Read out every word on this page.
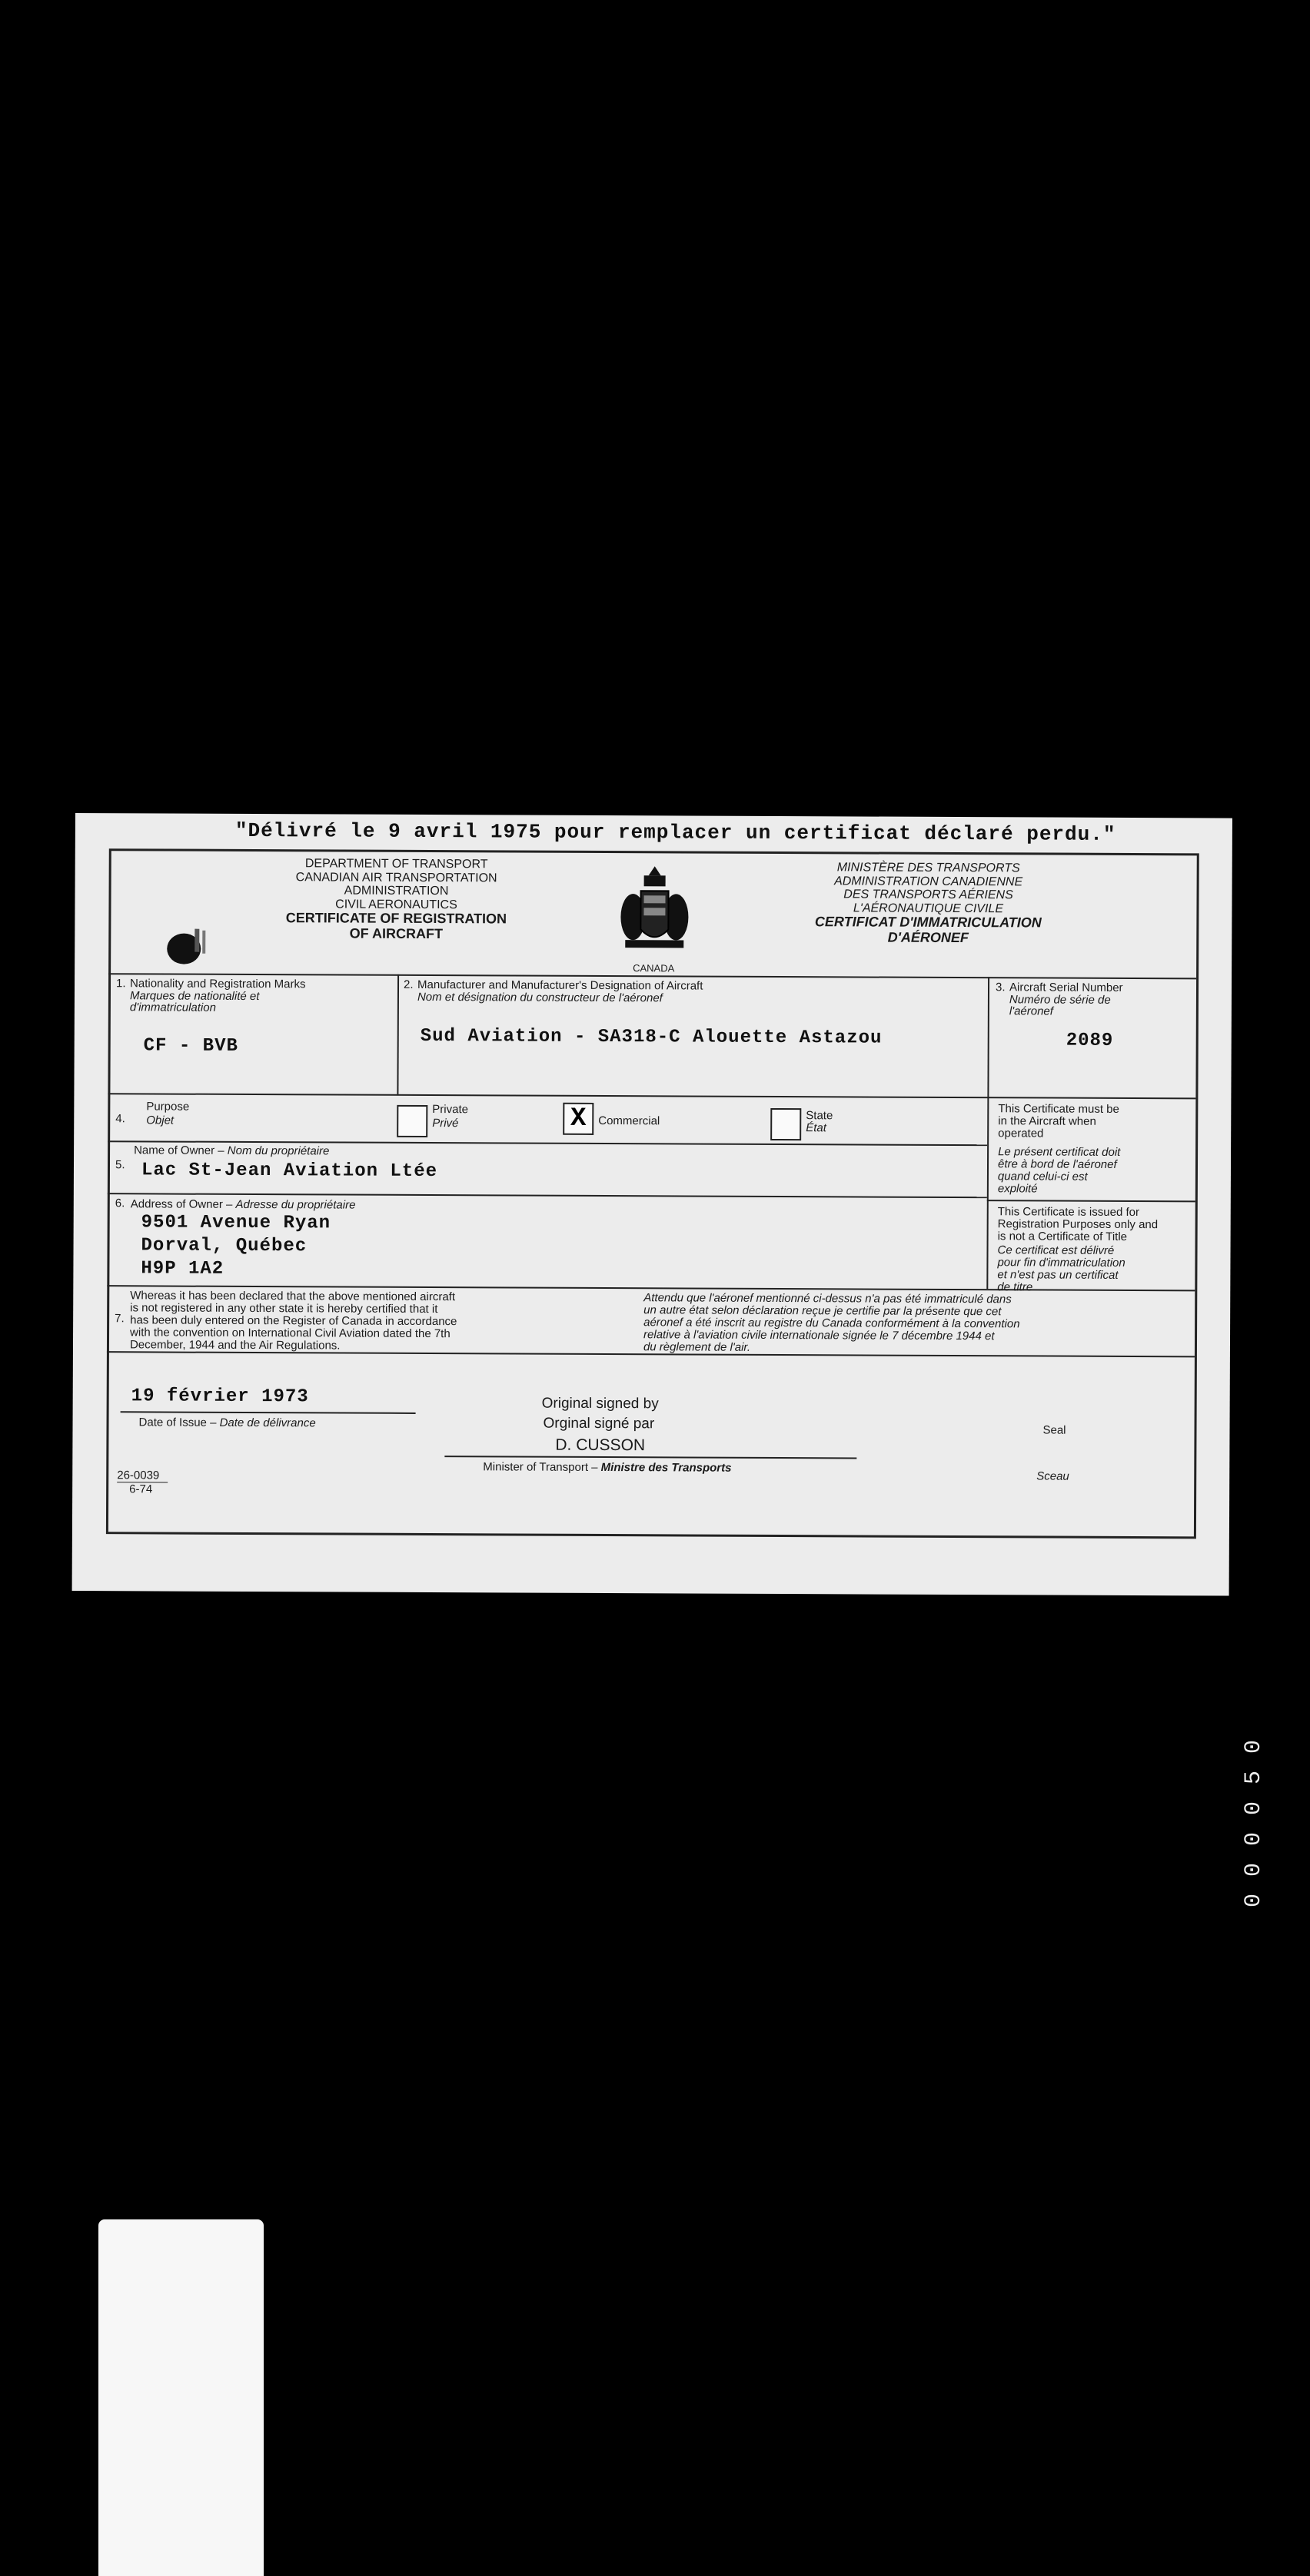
"Délivré le 9 avril 1975 pour remplacer un certificat déclaré perdu."
DEPARTMENT OF TRANSPORT
CANADIAN AIR TRANSPORTATION
ADMINISTRATION
CIVIL AERONAUTICS
CERTIFICATE OF REGISTRATION
OF AIRCRAFT
CANADA
MINISTÈRE DES TRANSPORTS
ADMINISTRATION CANADIENNE
DES TRANSPORTS AÉRIENS
L'AÉRONAUTIQUE CIVILE
CERTIFICAT D'IMMATRICULATION
D'AÉRONEF
1. Nationality and Registration Marks
Marques de nationalité et
d'immatriculation
CF - BVB
2. Manufacturer and Manufacturer's Designation of Aircraft
Nom et désignation du constructeur de l'aéronef
Sud Aviation - SA318-C Alouette Astazou
3. Aircraft Serial Number
Numéro de série de
l'aéronef
2089
4.
Purpose
Objet
Private
Privé	X	Commercial	State
État
This Certificate must be
in the Aircraft when
operated
Le présent certificat doit
être à bord de l'aéronef
quand celui-ci est
exploité
5.
Name of Owner – Nom du propriétaire
Lac St-Jean Aviation Ltée
6. Address of Owner – Adresse du propriétaire
9501 Avenue Ryan
Dorval, Québec
H9P 1A2
This Certificate is issued for
Registration Purposes only and
is not a Certificate of Title
Ce certificat est délivré
pour fin d'immatriculation
et n'est pas un certificat
de titre
7.
Whereas it has been declared that the above mentioned aircraft
is not registered in any other state it is hereby certified that it
has been duly entered on the Register of Canada in accordance
with the convention on International Civil Aviation dated the 7th
December, 1944 and the Air Regulations.
Attendu que l'aéronef mentionné ci-dessus n'a pas été immatriculé dans
un autre état selon déclaration reçue je certifie par la présente que cet
aéronef a été inscrit au registre du Canada conformément à la convention
relative à l'aviation civile internationale signée le 7 décembre 1944 et
du règlement de l'air.
19 février 1973
Date of Issue – Date de délivrance
Original signed by
Orginal signé par
D. CUSSON
Minister of Transport – Ministre des Transports
Seal
Sceau
26-0039
6-74
000050
